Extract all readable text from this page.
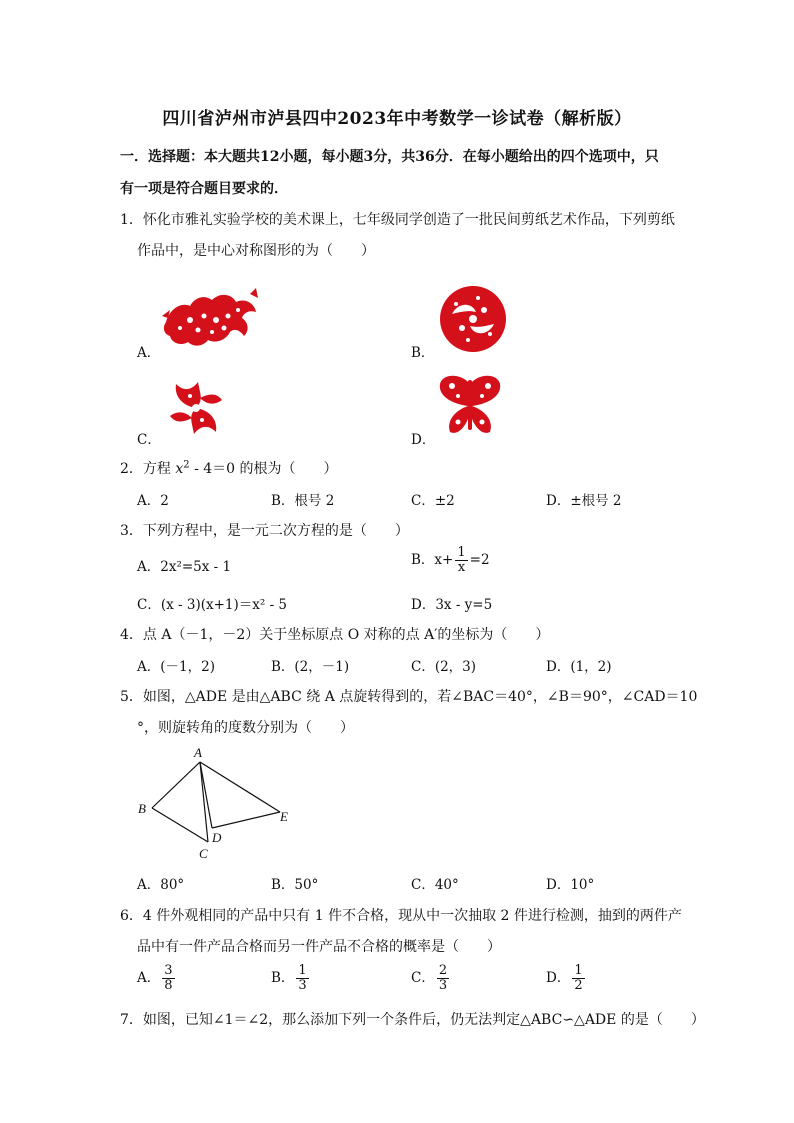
四川省泸州市泸县四中2023年中考数学一诊试卷（解析版）
一．选择题：本大题共12小题，每小题3分，共36分．在每小题给出的四个选项中，只
有一项是符合题目要求的．
1．怀化市雅礼实验学校的美术课上，七年级同学创造了一批民间剪纸艺术作品，下列剪纸
作品中，是中心对称图形的为（　　）
A．	B．
C．	D．
2．方程 $x^2 - 4=0$ 的根为（　　）
A．2	B．根号 2	C．±2	D．±根号 2
3．下列方程中，是一元二次方程的是（　　）
A．2x²=5x - 1	B．$x+ \frac{1}{x} =2$
C．(x - 3)(x+1)＝x² - 5	D．3x - y=5
4．点 A（－1，－2）关于坐标原点 O 对称的点 A′的坐标为（　　）
A．(－1，2)	B．(2，－1)	C．(2，3)	D．(1，2)
5．如图，△ADE 是由△ABC 绕 A 点旋转得到的，若∠BAC＝40°，∠B＝90°，∠CAD＝10
°，则旋转角的度数分别为（　　）
A
B
C
D
E
A．80°	B．50°	C．40°	D．10°
6．4 件外观相同的产品中只有 1 件不合格，现从中一次抽取 2 件进行检测，抽到的两件产
品中有一件产品合格而另一件产品不合格的概率是（　　）
A． $\frac{3}{8}$	B． $\frac{1}{3}$	C． $\frac{2}{3}$	D． $\frac{1}{2}$
7．如图，已知∠1＝∠2，那么添加下列一个条件后，仍无法判定△ABC∽△ADE 的是（　　）
